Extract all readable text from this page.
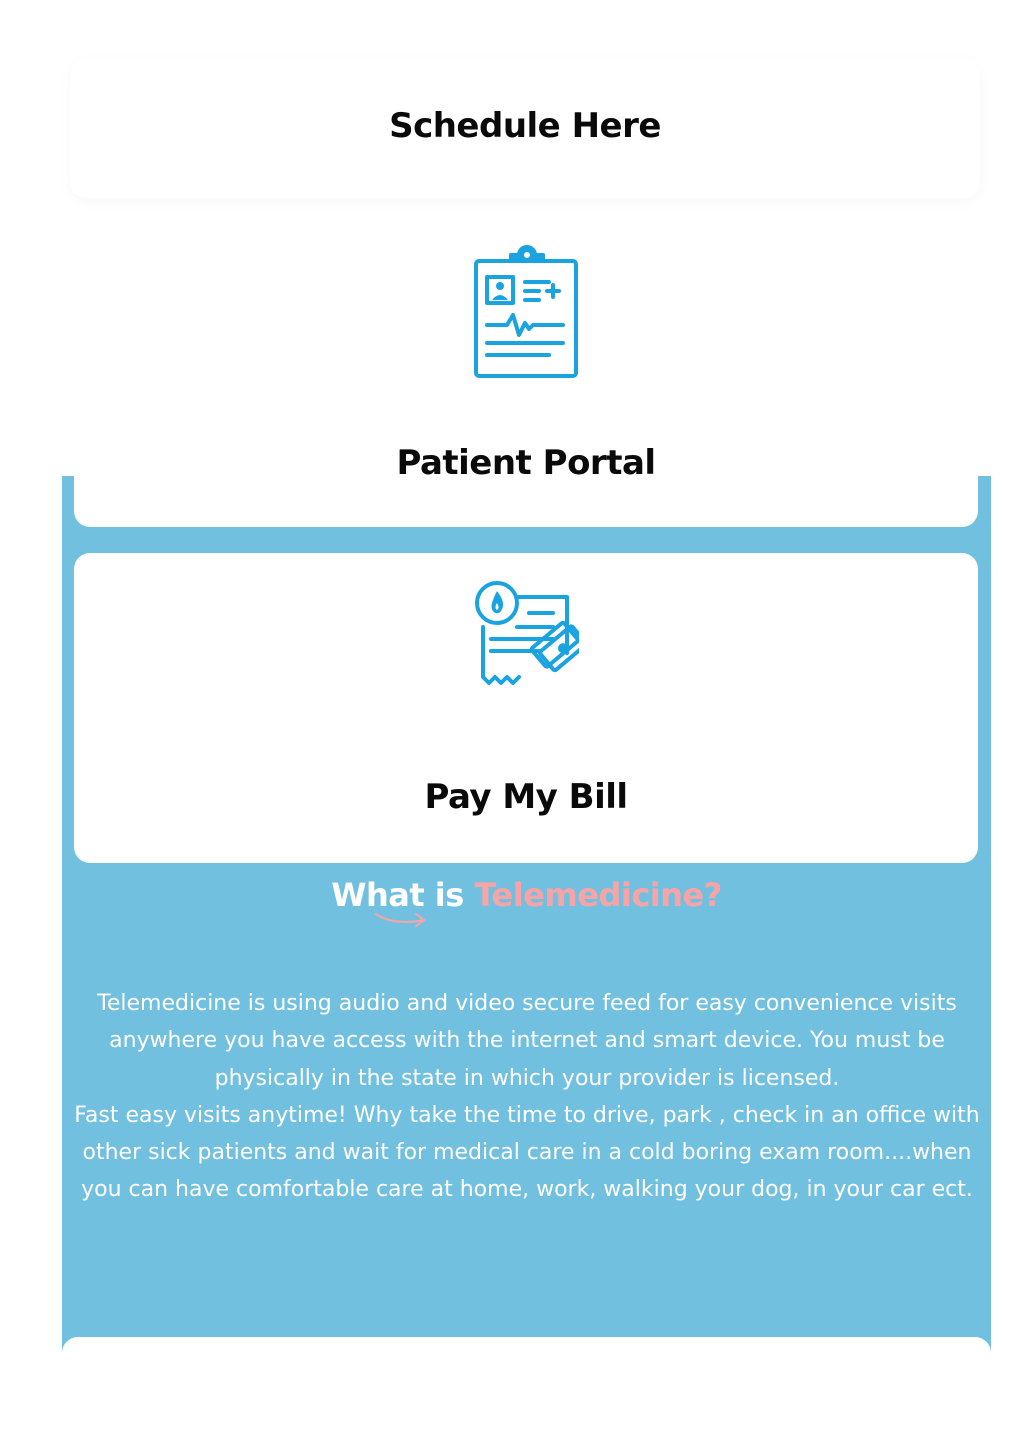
Schedule Here
Patient Portal
Pay My Bill
What is Telemedicine?

Telemedicine is using audio and video secure feed for easy convenience visits anywhere you have access with the internet and smart device. You must be physically in the state in which your provider is licensed.

Fast easy visits anytime! Why take the time to drive, park , check in an office with other sick patients and wait for medical care in a cold boring exam room....when you can have comfortable care at home, work, walking your dog, in your car ect.
